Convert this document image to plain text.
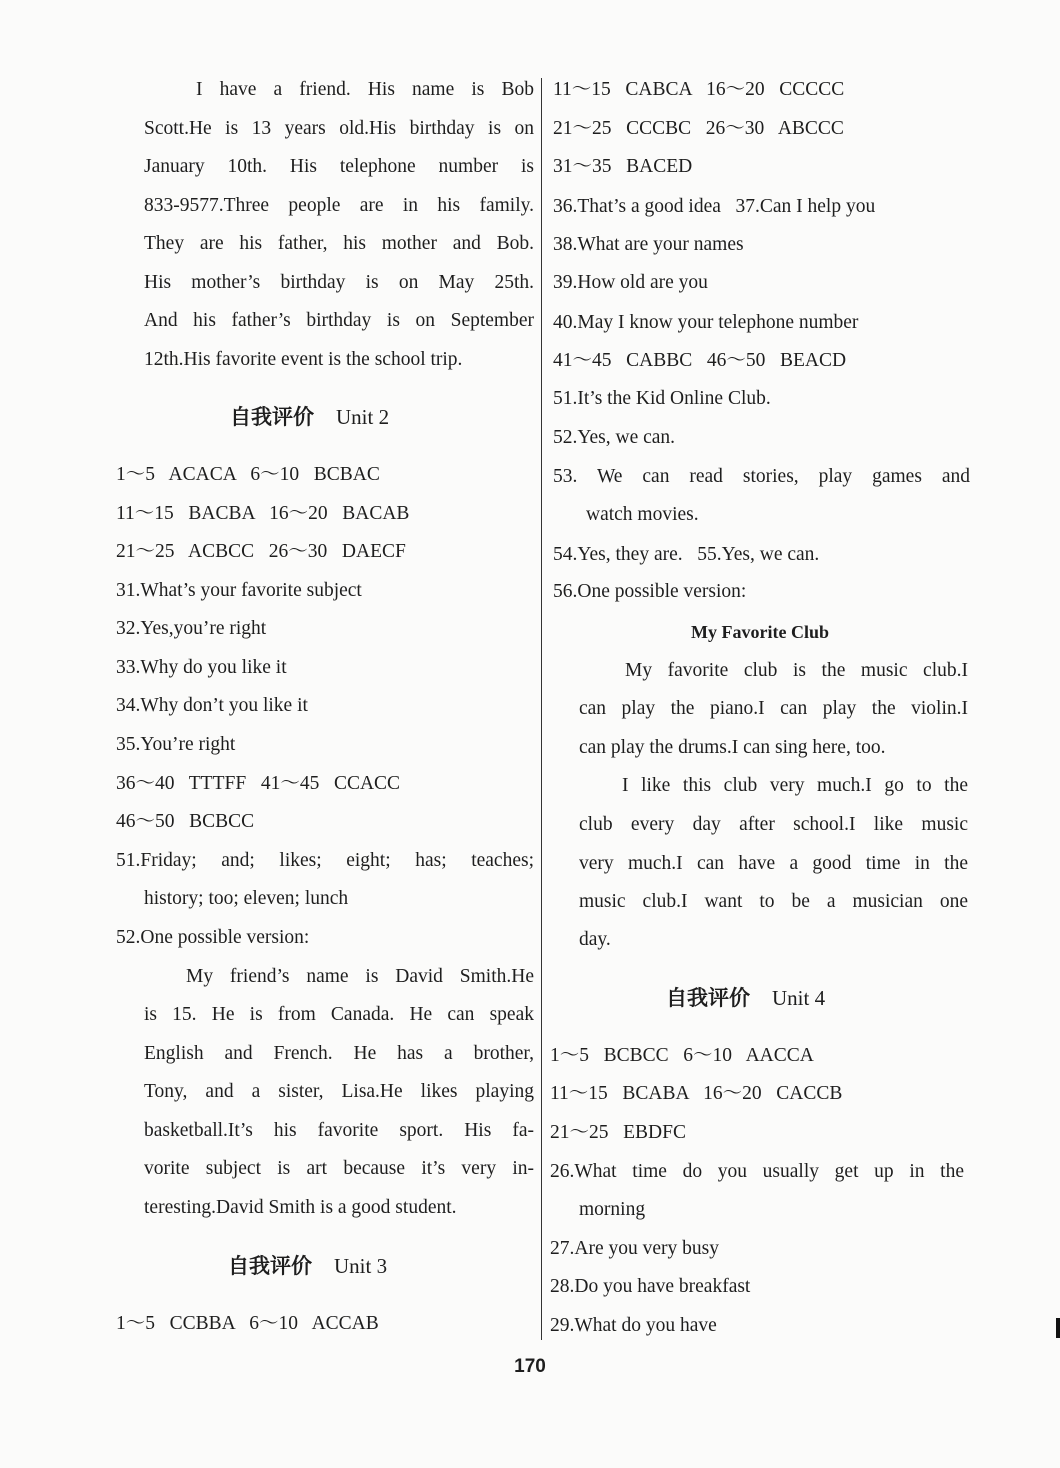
I have a friend. His name is Bob
Scott.He is 13 years old.His birthday is on
January 10th. His telephone number is
833-9577.Three people are in his family.
They are his father, his mother and Bob.
His mother’s birthday is on May 25th.
And his father’s birthday is on September
12th.His favorite event is the school trip.
自我评价 Unit 2
1～5   ACACA   6～10   BCBAC
11～15   BACBA   16～20   BACAB
21～25   ACBCC   26～30   DAECF
31.What’s your favorite subject
32.Yes,you’re right
33.Why do you like it
34.Why don’t you like it
35.You’re right
36～40   TTTFF   41～45   CCACC
46～50   BCBCC
51.Friday; and; likes; eight; has; teaches;
history; too; eleven; lunch
52.One possible version:
My friend’s name is David Smith.He
is 15. He is from Canada. He can speak
English and French. He has a brother,
Tony, and a sister, Lisa.He likes playing
basketball.It’s his favorite sport. His fa-
vorite subject is art because it’s very in-
teresting.David Smith is a good student.
自我评价 Unit 3
1～5   CCBBA   6～10   ACCAB
11～15   CABCA   16～20   CCCCC
21～25   CCCBC   26～30   ABCCC
31～35   BACED
36.That’s a good idea   37.Can I help you
38.What are your names
39.How old are you
40.May I know your telephone number
41～45   CABBC   46～50   BEACD
51.It’s the Kid Online Club.
52.Yes, we can.
53. We can read stories, play games and
watch movies.
54.Yes, they are.   55.Yes, we can.
56.One possible version:
My Favorite Club
My favorite club is the music club.I
can play the piano.I can play the violin.I
can play the drums.I can sing here, too.
I like this club very much.I go to the
club every day after school.I like music
very much.I can have a good time in the
music club.I want to be a musician one
day.
自我评价 Unit 4
1～5   BCBCC   6～10   AACCA
11～15   BCABA   16～20   CACCB
21～25   EBDFC
26.What time do you usually get up in the
morning
27.Are you very busy
28.Do you have breakfast
29.What do you have
170
